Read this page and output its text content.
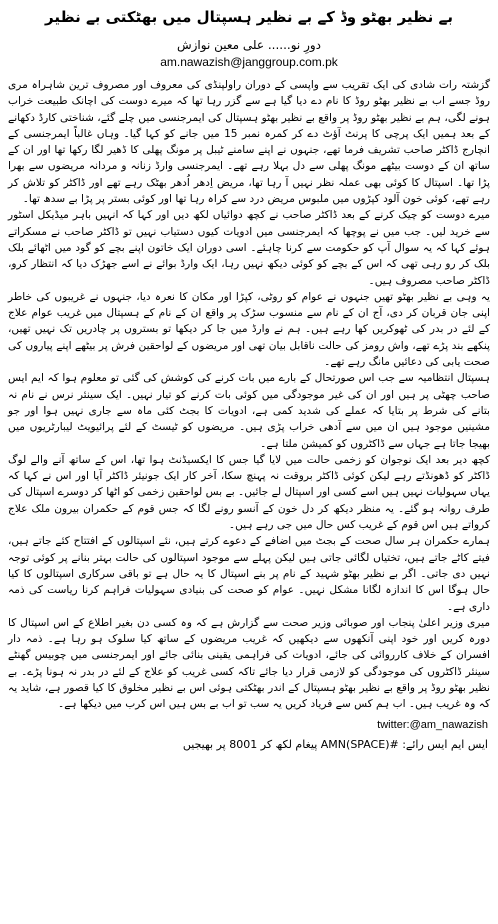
بے نظیر بھٹو وڈ کے بے نظیر ہسپتال میں بھٹکتی بے نظیر

دورِ نو...... علی معین نوازش

am.nawazish@janggroup.com.pk

گزشتہ رات شادی کی ایک تقریب سے واپسی کے دوران راولپنڈی کی معروف اور مصروف ترین شاہراہ مری روڈ جسے اب بے نظیر بھٹو روڈ کا نام دے دیا گیا ہے سے گزر رہا تھا کہ میرے دوست کی اچانک طبیعت خراب ہونے لگی، ہم بے نظیر بھٹو روڈ پر واقع بے نظیر بھٹو ہسپتال کی ایمرجنسی میں چلے گئے، شناختی کارڈ دکھانے کے بعد ہمیں ایک پرچی کا پرنٹ آؤٹ دے کر کمرہ نمبر 15 میں جانے کو کہا گیا۔ وہاں غالباً ایمرجنسی کے انچارج ڈاکٹر صاحب تشریف فرما تھے، جنہوں نے اپنے سامنے ٹیبل پر مونگ پھلی کا ڈھیر لگا رکھا تھا اور ان کے ساتھ ان کے دوست بیٹھے مونگ پھلی سے دل بہلا رہے تھے۔ ایمرجنسی وارڈ زنانہ و مردانہ مریضوں سے بھرا پڑا تھا۔ اسپتال کا کوئی بھی عملہ نظر نہیں آ رہا تھا، مریض اِدھر اُدھر بھٹک رہے تھے اور ڈاکٹر کو تلاش کر رہے تھے، کوئی خون آلود کپڑوں میں ملبوس مریض درد سے کراہ رہا تھا اور کوئی بستر پر پڑا بے سدھ تھا۔

میرے دوست کو چیک کرنے کے بعد ڈاکٹر صاحب نے کچھ دوائیاں لکھ دیں اور کہا کہ انہیں باہر میڈیکل اسٹور سے خرید لیں۔ جب میں نے پوچھا کہ ایمرجنسی میں ادویات کیوں دستیاب نہیں تو ڈاکٹر صاحب نے مسکراتے ہوئے کہا کہ یہ سوال آپ کو حکومت سے کرنا چاہئے۔ اسی دوران ایک خاتون اپنے بچے کو گود میں اٹھائے بلک بلک کر رو رہی تھی کہ اس کے بچے کو کوئی دیکھ نہیں رہا، ایک وارڈ بوائے نے اسے جھڑک دیا کہ انتظار کرو، ڈاکٹر صاحب مصروف ہیں۔

یہ وہی بے نظیر بھٹو تھیں جنہوں نے عوام کو روٹی، کپڑا اور مکان کا نعرہ دیا، جنہوں نے غریبوں کی خاطر اپنی جان قربان کر دی، آج ان کے نام سے منسوب سڑک پر واقع ان کے نام کے ہسپتال میں غریب عوام علاج کے لئے در بدر کی ٹھوکریں کھا رہے ہیں۔ ہم نے وارڈ میں جا کر دیکھا تو بستروں پر چادریں تک نہیں تھیں، پنکھے بند پڑے تھے، واش رومز کی حالت ناقابل بیان تھی اور مریضوں کے لواحقین فرش پر بیٹھے اپنے پیاروں کی صحت یابی کی دعائیں مانگ رہے تھے۔

ہسپتال انتظامیہ سے جب اس صورتحال کے بارے میں بات کرنے کی کوشش کی گئی تو معلوم ہوا کہ ایم ایس صاحب چھٹی پر ہیں اور ان کی غیر موجودگی میں کوئی بات کرنے کو تیار نہیں۔ ایک سینئر نرس نے نام نہ بتانے کی شرط پر بتایا کہ عملے کی شدید کمی ہے، ادویات کا بجٹ کئی ماہ سے جاری نہیں ہوا اور جو مشینیں موجود ہیں ان میں سے آدھی خراب پڑی ہیں۔ مریضوں کو ٹیسٹ کے لئے پرائیویٹ لیبارٹریوں میں بھیجا جاتا ہے جہاں سے ڈاکٹروں کو کمیشن ملتا ہے۔

کچھ دیر بعد ایک نوجوان کو زخمی حالت میں لایا گیا جس کا ایکسیڈنٹ ہوا تھا، اس کے ساتھ آنے والے لوگ ڈاکٹر کو ڈھونڈتے رہے لیکن کوئی ڈاکٹر بروقت نہ پہنچ سکا، آخر کار ایک جونیئر ڈاکٹر آیا اور اس نے کہا کہ یہاں سہولیات نہیں ہیں اسے کسی اور اسپتال لے جائیں۔ بے بس لواحقین زخمی کو اٹھا کر دوسرے اسپتال کی طرف روانہ ہو گئے۔ یہ منظر دیکھ کر دل خون کے آنسو رونے لگا کہ جس قوم کے حکمران بیرون ملک علاج کرواتے ہیں اس قوم کے غریب کس حال میں جی رہے ہیں۔

ہمارے حکمران ہر سال صحت کے بجٹ میں اضافے کے دعوے کرتے ہیں، نئے اسپتالوں کے افتتاح کئے جاتے ہیں، فیتے کاٹے جاتے ہیں، تختیاں لگائی جاتی ہیں لیکن پہلے سے موجود اسپتالوں کی حالت بہتر بنانے پر کوئی توجہ نہیں دی جاتی۔ اگر بے نظیر بھٹو شہید کے نام پر بنے اسپتال کا یہ حال ہے تو باقی سرکاری اسپتالوں کا کیا حال ہوگا اس کا اندازہ لگانا مشکل نہیں۔ عوام کو صحت کی بنیادی سہولیات فراہم کرنا ریاست کی ذمہ داری ہے۔

میری وزیر اعلیٰ پنجاب اور صوبائی وزیر صحت سے گزارش ہے کہ وہ کسی دن بغیر اطلاع کے اس اسپتال کا دورہ کریں اور خود اپنی آنکھوں سے دیکھیں کہ غریب مریضوں کے ساتھ کیا سلوک ہو رہا ہے۔ ذمہ دار افسران کے خلاف کارروائی کی جائے، ادویات کی فراہمی یقینی بنائی جائے اور ایمرجنسی میں چوبیس گھنٹے سینئر ڈاکٹروں کی موجودگی کو لازمی قرار دیا جائے تاکہ کسی غریب کو علاج کے لئے در بدر نہ ہونا پڑے۔ بے نظیر بھٹو روڈ پر واقع بے نظیر بھٹو ہسپتال کے اندر بھٹکتی ہوئی اس بے نظیر مخلوق کا کیا قصور ہے، شاید یہ کہ وہ غریب ہیں۔ اب ہم کس سے فریاد کریں یہ سب تو اب بے بس ہیں اس کرب میں دیکھا ہے۔

twitter:@am_nawazish
ایس ایم ایس رائے: #AMN(SPACE) پیغام لکھ کر 8001 پر بھیجیں
